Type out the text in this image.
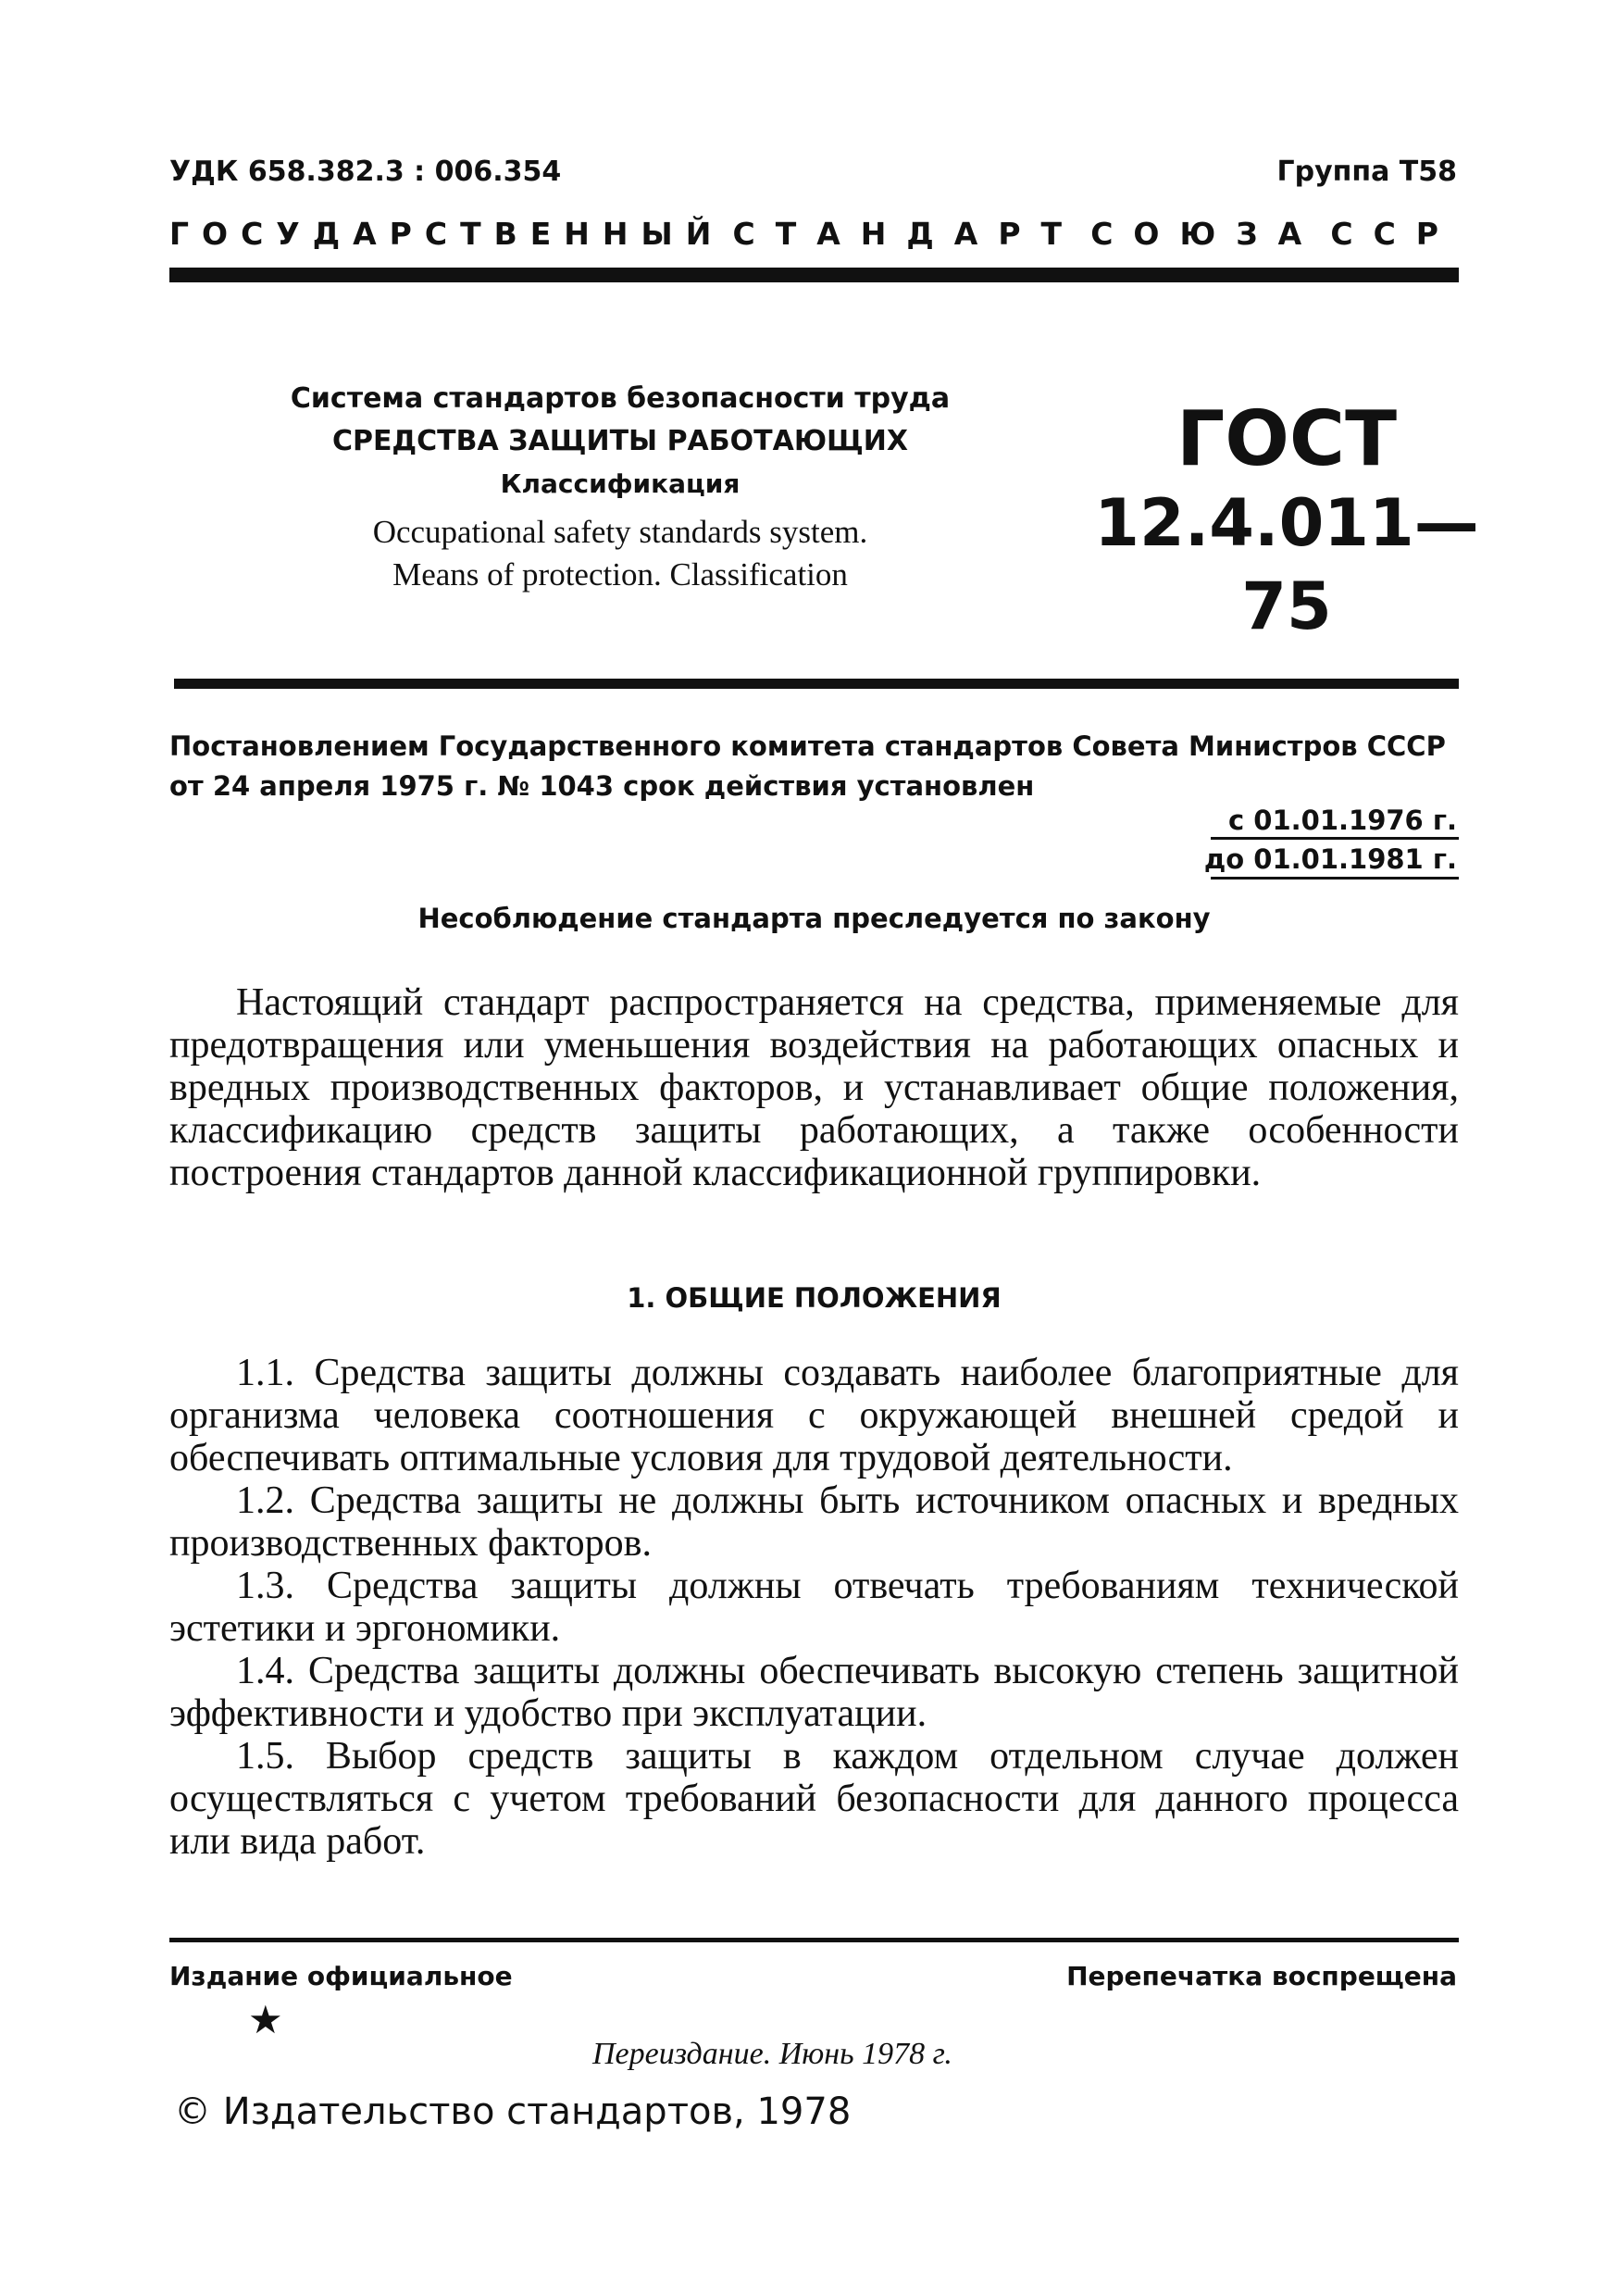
УДК 658.382.3 : 006.354	Группа Т58
ГОСУДАРСТВЕННЫЙ СТАНДАРТ СОЮЗА ССР
Система стандартов безопасности труда
СРЕДСТВА ЗАЩИТЫ РАБОТАЮЩИХ
Классификация
Occupational safety standards system.
Means of protection. Classification
ГОСТ
12.4.011—75
Постановлением Государственного комитета стандартов Совета Министров СССР
от 24 апреля 1975 г. № 1043 срок действия установлен
с 01.01.1976 г.
до 01.01.1981 г.
Несоблюдение стандарта преследуется по закону

Настоящий стандарт распространяется на средства, применяемые для предотвращения или уменьшения воздействия на работающих опасных и вредных производственных факторов, и устанавливает общие положения, классификацию средств защиты работающих, а также особенности построения стандартов данной классификационной группировки.

1. ОБЩИЕ ПОЛОЖЕНИЯ

1.1. Средства защиты должны создавать наиболее благоприятные для организма человека соотношения с окружающей внешней средой и обеспечивать оптимальные условия для трудовой деятельности.

1.2. Средства защиты не должны быть источником опасных и вредных производственных факторов.

1.3. Средства защиты должны отвечать требованиям технической эстетики и эргономики.

1.4. Средства защиты должны обеспечивать высокую степень защитной эффективности и удобство при эксплуатации.

1.5. Выбор средств защиты в каждом отдельном случае должен осуществляться с учетом требований безопасности для данного процесса или вида работ.

Издание официальное	Перепечатка воспрещена
★
Переиздание. Июнь 1978 г.
© Издательство стандартов, 1978
